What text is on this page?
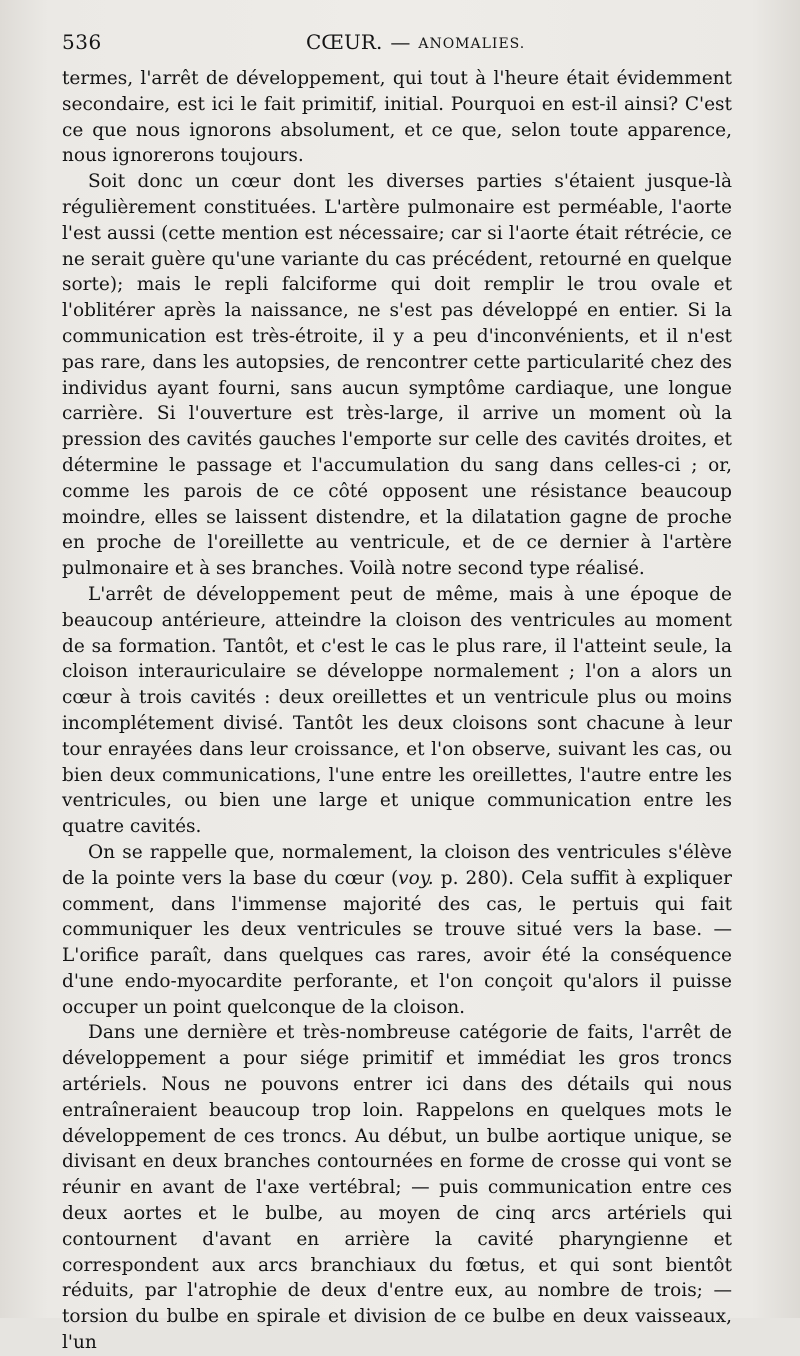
536	CŒUR. — ANOMALIES.

termes, l'arrêt de développement, qui tout à l'heure était évidemment secondaire, est ici le fait primitif, initial. Pourquoi en est-il ainsi? C'est ce que nous ignorons absolument, et ce que, selon toute apparence, nous ignorerons toujours.

Soit donc un cœur dont les diverses parties s'étaient jusque-là régulièrement constituées. L'artère pulmonaire est perméable, l'aorte l'est aussi (cette mention est nécessaire; car si l'aorte était rétrécie, ce ne serait guère qu'une variante du cas précédent, retourné en quelque sorte); mais le repli falciforme qui doit remplir le trou ovale et l'oblitérer après la naissance, ne s'est pas développé en entier. Si la communication est très-étroite, il y a peu d'inconvénients, et il n'est pas rare, dans les autopsies, de rencontrer cette particularité chez des individus ayant fourni, sans aucun symptôme cardiaque, une longue carrière. Si l'ouverture est très-large, il arrive un moment où la pression des cavités gauches l'emporte sur celle des cavités droites, et détermine le passage et l'accumulation du sang dans celles-ci ; or, comme les parois de ce côté opposent une résistance beaucoup moindre, elles se laissent distendre, et la dilatation gagne de proche en proche de l'oreillette au ventricule, et de ce dernier à l'artère pulmonaire et à ses branches. Voilà notre second type réalisé.

L'arrêt de développement peut de même, mais à une époque de beaucoup antérieure, atteindre la cloison des ventricules au moment de sa formation. Tantôt, et c'est le cas le plus rare, il l'atteint seule, la cloison interauriculaire se développe normalement ; l'on a alors un cœur à trois cavités : deux oreillettes et un ventricule plus ou moins incomplétement divisé. Tantôt les deux cloisons sont chacune à leur tour enrayées dans leur croissance, et l'on observe, suivant les cas, ou bien deux communications, l'une entre les oreillettes, l'autre entre les ventricules, ou bien une large et unique communication entre les quatre cavités.

On se rappelle que, normalement, la cloison des ventricules s'élève de la pointe vers la base du cœur (voy. p. 280). Cela suffit à expliquer comment, dans l'immense majorité des cas, le pertuis qui fait communiquer les deux ventricules se trouve situé vers la base. — L'orifice paraît, dans quelques cas rares, avoir été la conséquence d'une endo-myocardite perforante, et l'on conçoit qu'alors il puisse occuper un point quelconque de la cloison.

Dans une dernière et très-nombreuse catégorie de faits, l'arrêt de développement a pour siége primitif et immédiat les gros troncs artériels. Nous ne pouvons entrer ici dans des détails qui nous entraîneraient beaucoup trop loin. Rappelons en quelques mots le développement de ces troncs. Au début, un bulbe aortique unique, se divisant en deux branches contournées en forme de crosse qui vont se réunir en avant de l'axe vertébral; — puis communication entre ces deux aortes et le bulbe, au moyen de cinq arcs artériels qui contournent d'avant en arrière la cavité pharyngienne et correspondent aux arcs branchiaux du fœtus, et qui sont bientôt réduits, par l'atrophie de deux d'entre eux, au nombre de trois; — torsion du bulbe en spirale et division de ce bulbe en deux vaisseaux, l'un
